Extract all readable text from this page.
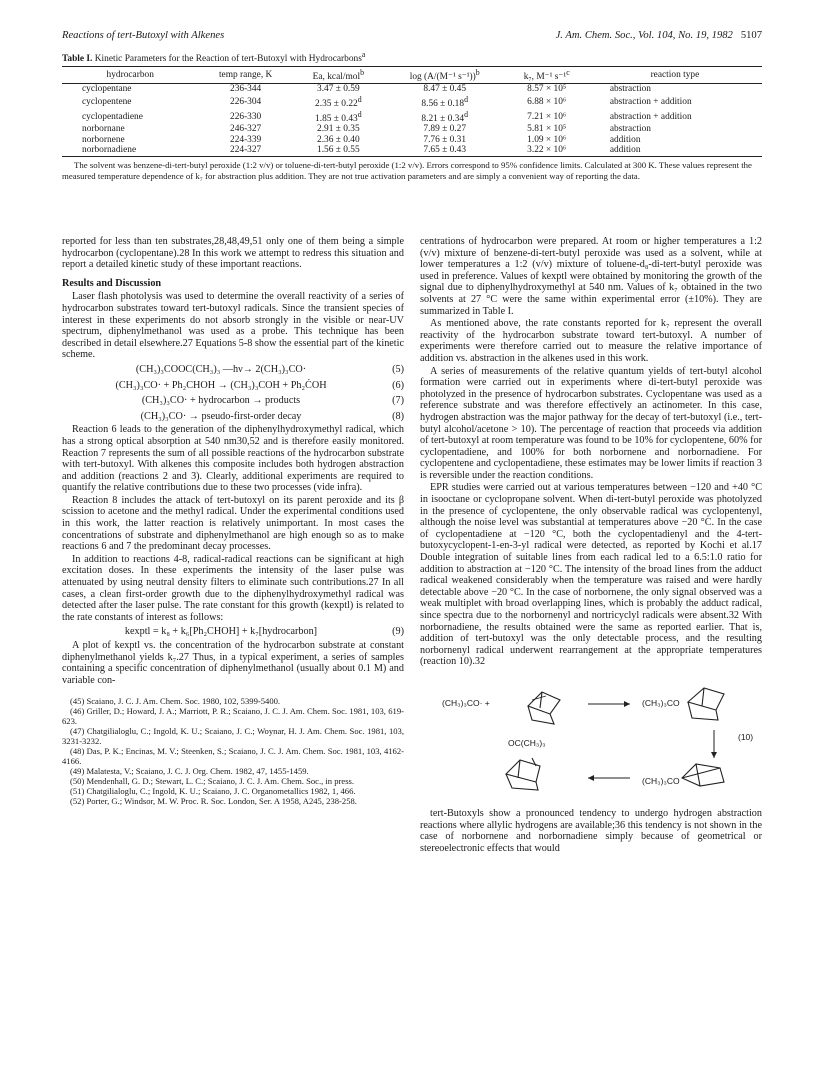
Reactions of tert-Butoxyl with Alkenes	J. Am. Chem. Soc., Vol. 104, No. 19, 1982 5107
Table I. Kinetic Parameters for the Reaction of tert-Butoxyl with Hydrocarbons$^a$
hydrocarbon	temp range, K	Ea, kcal/mol$^b$	log (A/(M⁻¹ s⁻¹))$^b$	k₇, M⁻¹ s⁻¹$^c$	reaction type
cyclopentane	236-344	3.47 ± 0.59	8.47 ± 0.45	8.57 × 10⁵	abstraction
cyclopentene	226-304	2.35 ± 0.22$^d$	8.56 ± 0.18$^d$	6.88 × 10⁶	abstraction + addition
cyclopentadiene	226-330	1.85 ± 0.43$^d$	8.21 ± 0.34$^d$	7.21 × 10⁶	abstraction + addition
norbornane	246-327	2.91 ± 0.35	7.89 ± 0.27	5.81 × 10⁵	abstraction
norbornene	224-339	2.36 ± 0.40	7.76 ± 0.31	1.09 × 10⁶	addition
norbornadiene	224-327	1.56 ± 0.55	7.65 ± 0.43	3.22 × 10⁶	addition
The solvent was benzene-di-tert-butyl peroxide (1:2 v/v) or toluene-di-tert-butyl peroxide (1:2 v/v). Errors correspond to 95% confidence limits. Calculated at 300 K. These values represent the measured temperature dependence of k₇ for abstraction plus addition. They are not true activation parameters and are simply a convenient way of reporting the data.

reported for less than ten substrates,28,48,49,51 only one of them being a simple hydrocarbon (cyclopentane).28 In this work we attempt to redress this situation and report a detailed kinetic study of these important reactions.

Results and Discussion

Laser flash photolysis was used to determine the overall reactivity of a series of hydrocarbon substrates toward tert-butoxyl radicals. Since the transient species of interest in these experiments do not absorb strongly in the visible or near-UV spectrum, diphenylmethanol was used as a probe. This technique has been described in detail elsewhere.27 Equations 5-8 show the essential part of the kinetic scheme.

(CH₃)₃COOC(CH₃)₃ —hν→ 2(CH₃)₃CO·	(5)
(CH₃)₃CO· + Ph₂CHOH → (CH₃)₃COH + Ph₂ĊOH	(6)
(CH₃)₃CO· + hydrocarbon → products	(7)
(CH₃)₃CO· → pseudo-first-order decay	(8)

Reaction 6 leads to the generation of the diphenylhydroxymethyl radical, which has a strong optical absorption at 540 nm30,52 and is therefore easily monitored. Reaction 7 represents the sum of all possible reactions of the hydrocarbon substrate with tert-butoxyl. With alkenes this composite includes both hydrogen abstraction and addition (reactions 2 and 3). Clearly, additional experiments are required to quantify the relative contributions due to these two processes (vide infra).

Reaction 8 includes the attack of tert-butoxyl on its parent peroxide and its β scission to acetone and the methyl radical. Under the experimental conditions used in this work, the latter reaction is relatively unimportant. In most cases the concentrations of substrate and diphenylmethanol are high enough so as to make reactions 6 and 7 the predominant decay processes.

In addition to reactions 4-8, radical-radical reactions can be significant at high excitation doses. In these experiments the intensity of the laser pulse was attenuated by using neutral density filters to eliminate such contributions.27 In all cases, a clean first-order growth due to the diphenylhydroxymethyl radical was detected after the laser pulse. The rate constant for this growth (kexptl) is related to the rate constants of interest as follows:

kexptl = k₈ + k₆[Ph₂CHOH] + k₇[hydrocarbon]	(9)

A plot of kexptl vs. the concentration of the hydrocarbon substrate at constant diphenylmethanol yields k₇.27 Thus, in a typical experiment, a series of samples containing a specific concentration of diphenylmethanol (usually about 0.1 M) and variable con-

(45) Scaiano, J. C. J. Am. Chem. Soc. 1980, 102, 5399-5400.

(46) Griller, D.; Howard, J. A.; Marriott, P. R.; Scaiano, J. C. J. Am. Chem. Soc. 1981, 103, 619-623.

(47) Chatgilialoglu, C.; Ingold, K. U.; Scaiano, J. C.; Woynar, H. J. Am. Chem. Soc. 1981, 103, 3231-3232.

(48) Das, P. K.; Encinas, M. V.; Steenken, S.; Scaiano, J. C. J. Am. Chem. Soc. 1981, 103, 4162-4166.

(49) Malatesta, V.; Scaiano, J. C. J. Org. Chem. 1982, 47, 1455-1459.

(50) Mendenhall, G. D.; Stewart, L. C.; Scaiano, J. C. J. Am. Chem. Soc., in press.

(51) Chatgilialoglu, C.; Ingold, K. U.; Scaiano, J. C. Organometallics 1982, 1, 466.

(52) Porter, G.; Windsor, M. W. Proc. R. Soc. London, Ser. A 1958, A245, 238-258.

centrations of hydrocarbon were prepared. At room or higher temperatures a 1:2 (v/v) mixture of benzene-di-tert-butyl peroxide was used as a solvent, while at lower temperatures a 1:2 (v/v) mixture of toluene-d₈-di-tert-butyl peroxide was used in preference. Values of kexptl were obtained by monitoring the growth of the signal due to diphenylhydroxymethyl at 540 nm. Values of k₇ obtained in the two solvents at 27 °C were the same within experimental error (±10%). They are summarized in Table I.

As mentioned above, the rate constants reported for k₇ represent the overall reactivity of the hydrocarbon substrate toward tert-butoxyl. A number of experiments were therefore carried out to measure the relative importance of addition vs. abstraction in the alkenes used in this work.

A series of measurements of the relative quantum yields of tert-butyl alcohol formation were carried out in experiments where di-tert-butyl peroxide was photolyzed in the presence of hydrocarbon substrates. Cyclopentane was used as a reference substrate and was therefore effectively an actinometer. In this case, hydrogen abstraction was the major pathway for the decay of tert-butoxyl (i.e., tert-butyl alcohol/acetone > 10). The percentage of reaction that proceeds via addition of tert-butoxyl at room temperature was found to be 10% for cyclopentene, 60% for cyclopentadiene, and 100% for both norbornene and norbornadiene. For cyclopentene and cyclopentadiene, these estimates may be lower limits if reaction 3 is reversible under the reaction conditions.

EPR studies were carried out at various temperatures between −120 and +40 °C in isooctane or cyclopropane solvent. When di-tert-butyl peroxide was photolyzed in the presence of cyclopentene, the only observable radical was cyclopentenyl, although the noise level was substantial at temperatures above −20 °C. In the case of cyclopentadiene at −120 °C, both the cyclopentadienyl and the 4-tert-butoxycyclopent-1-en-3-yl radical were detected, as reported by Kochi et al.17 Double integration of suitable lines from each radical led to a 6.5:1.0 ratio for addition to abstraction at −120 °C. The intensity of the broad lines from the adduct radical weakened considerably when the temperature was raised and were hardly detectable above −20 °C. In the case of norbornene, the only signal observed was a weak multiplet with broad overlapping lines, which is probably the adduct radical, since spectra due to the norbornenyl and nortricyclyl radicals were absent.32 With norbornadiene, the results obtained were the same as reported earlier. That is, addition of tert-butoxyl was the only detectable process, and the resulting norbornenyl radical underwent rearrangement at the appropriate temperatures (reaction 10).32

(CH₃)₃CO· +	(CH₃)₃CO
(CH₃)₃CO
OC(CH₃)₃
(10)

tert-Butoxyls show a pronounced tendency to undergo hydrogen abstraction reactions where allylic hydrogens are available;36 this tendency is not shown in the case of norbornene and norbornadiene simply because of geometrical or stereoelectronic effects that would
